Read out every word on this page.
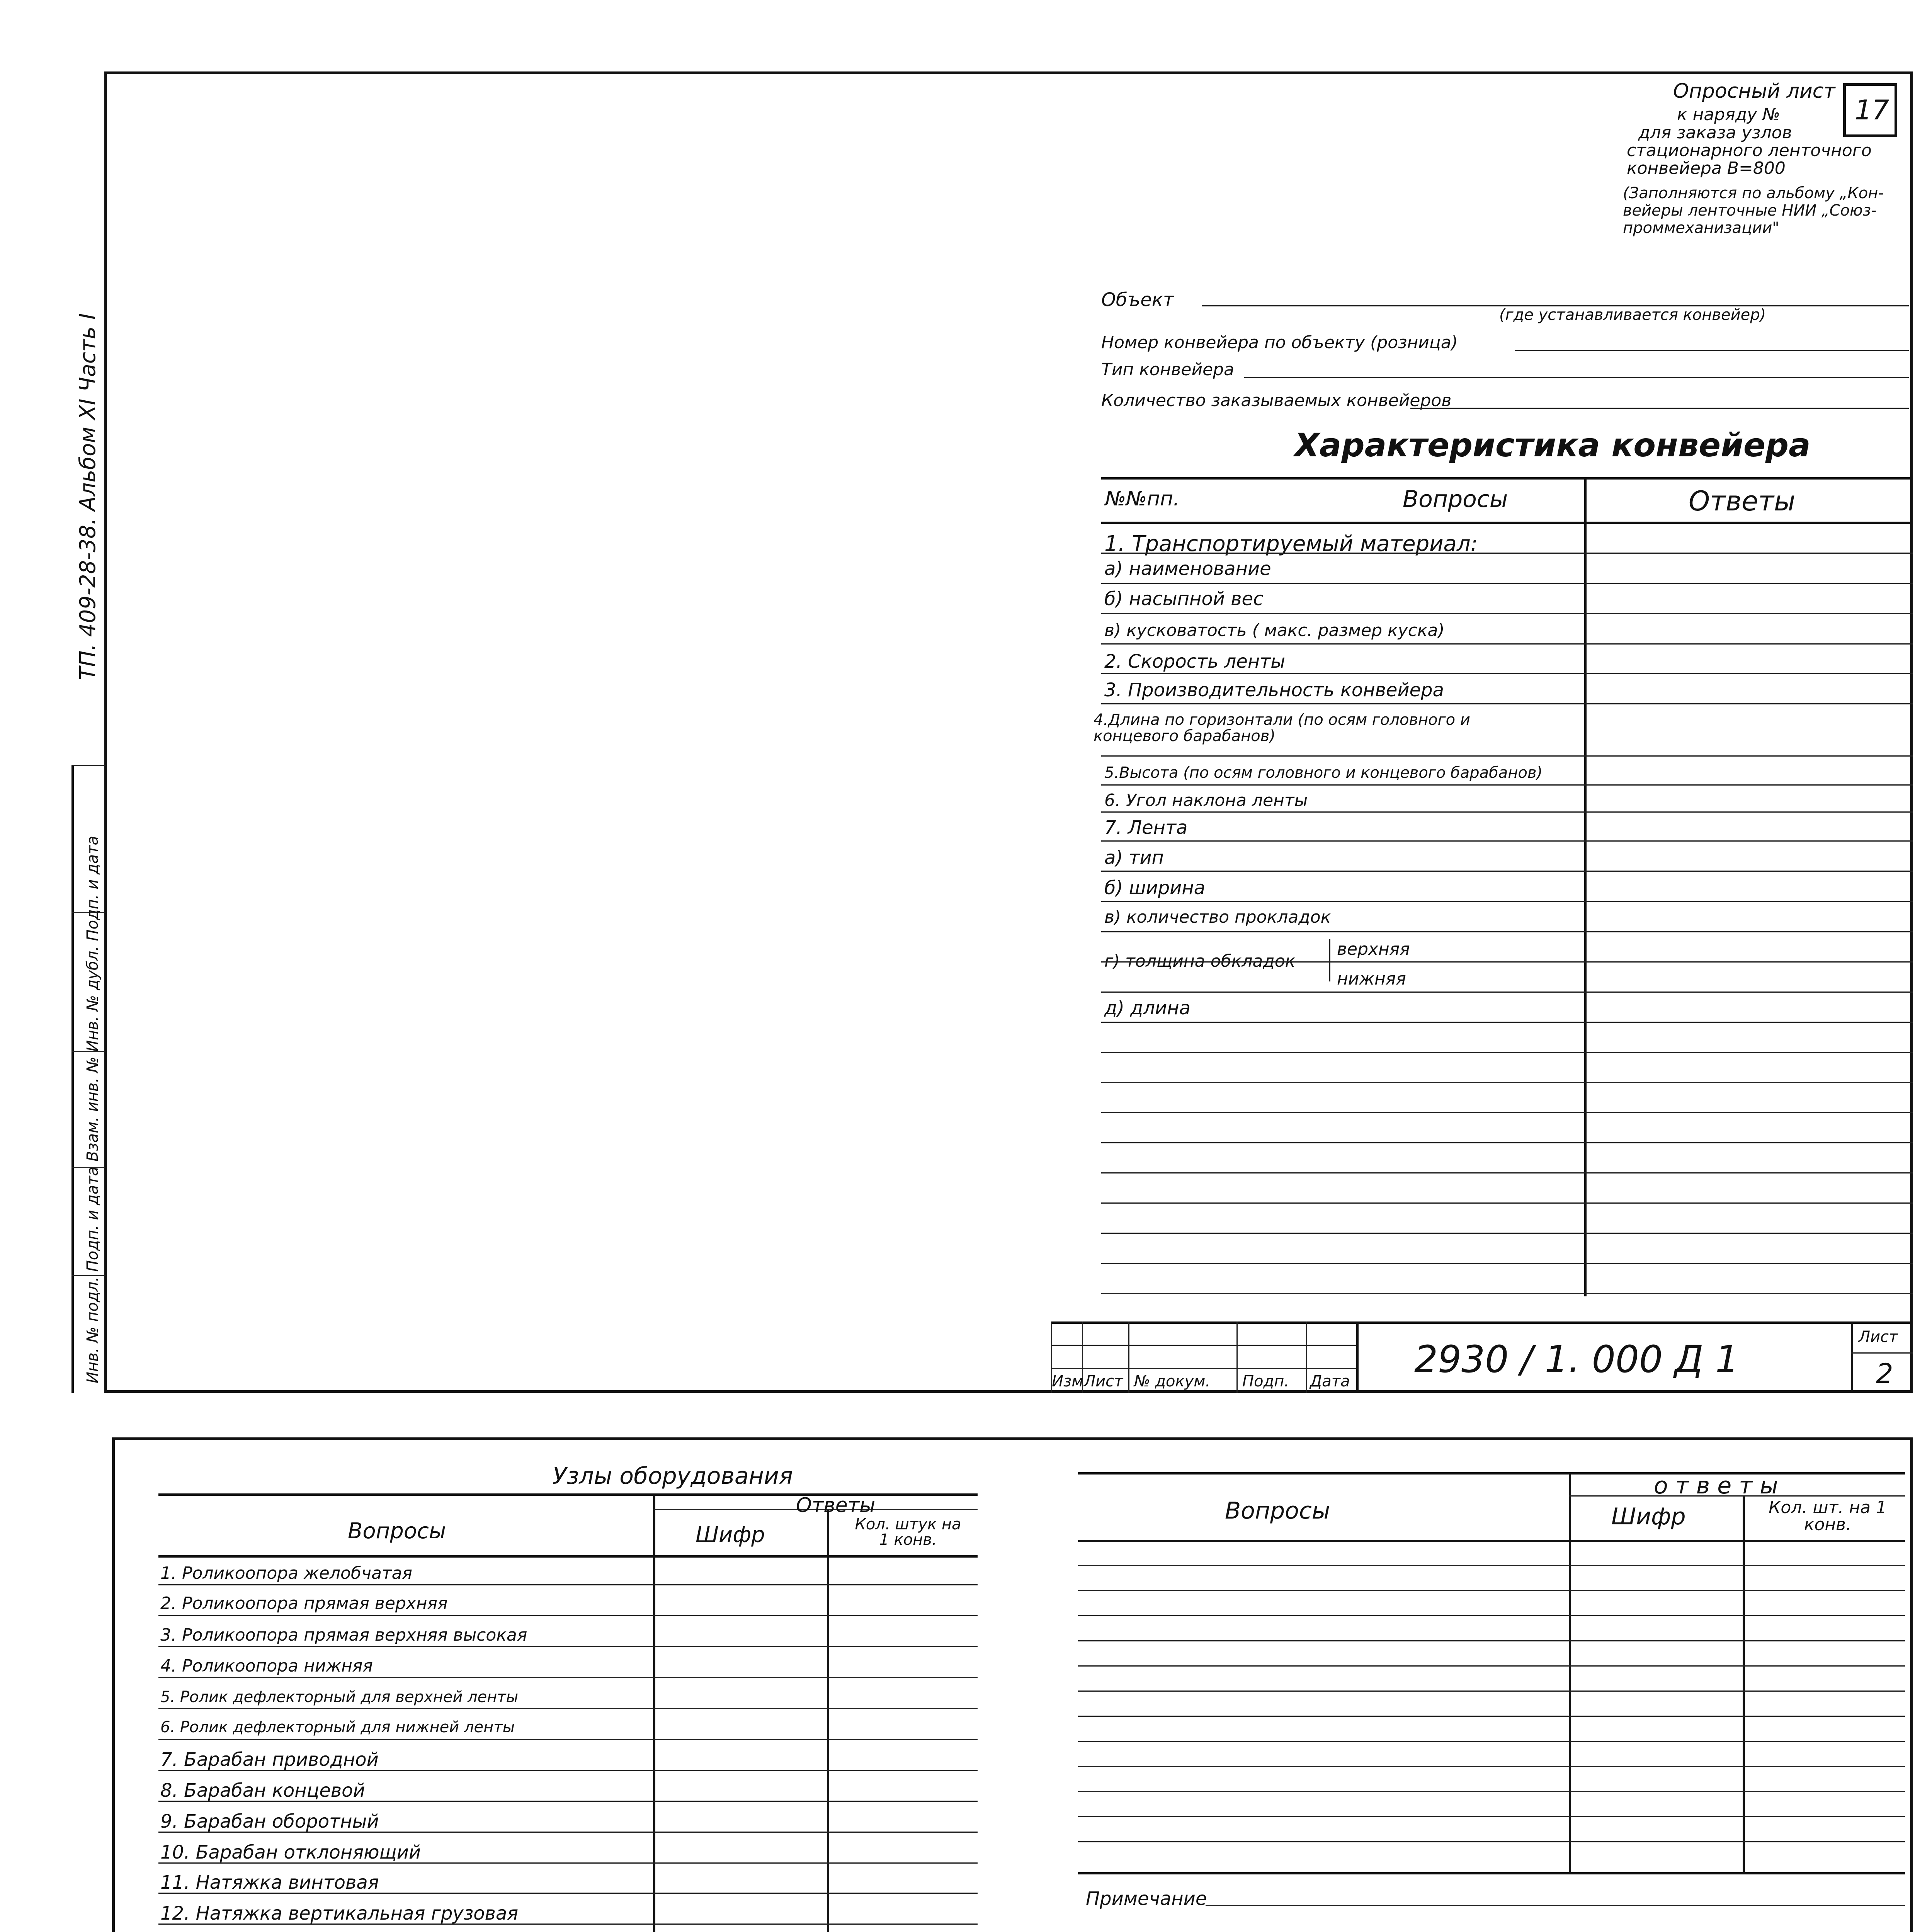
ТП. 409-28-38. Альбом XI Часть I
Инв. № подл. Подп. и дата Взам. инв. № Инв. № дубл. Подп. и дата
Опросный лист
17
к наряду №
для заказа узлов
стационарного ленточного
конвейера В=800
(Заполняются по альбому „Кон-
вейеры ленточные НИИ „Союз-
проммеханизации"
Объект
(где устанавливается конвейер)
Номер конвейера по объекту (розница)
Тип конвейера
Количество заказываемых конвейеров
Характеристика конвейера
№№пп.	Вопросы	Ответы
1. Транспортируемый материал:
а) наименование
б) насыпной вес
в) кусковатость ( макс. размер куска)
2. Скорость ленты
3. Производительность конвейера
4.Длина по горизонтали (по осям головного и концевого барабанов)
5.Высота (по осям головного и концевого барабанов)
6. Угол наклона ленты
7. Лента
а) тип
б) ширина
в) количество прокладок
г) толщина обкладок
верхняя
нижняя
д) длина
Изм Лист № докум. Подп. Дата
2930 / 1. 000 Д 1
Лист
2
Узлы оборудования
Ответы
Вопросы	Шифр	Кол. штук на 1 конв.
1. Роликоопора желобчатая
2. Роликоопора прямая верхняя
3. Роликоопора прямая верхняя высокая
4. Роликоопора нижняя
5. Ролик дефлекторный для верхней ленты
6. Ролик дефлекторный для нижней ленты
7. Барабан приводной
8. Барабан концевой
9. Барабан оборотный
10. Барабан отклоняющий
11. Натяжка винтовая
12. Натяжка вертикальная грузовая
о т в е т ы
Вопросы	Шифр	Кол. шт. на 1 конв.
Примечание
